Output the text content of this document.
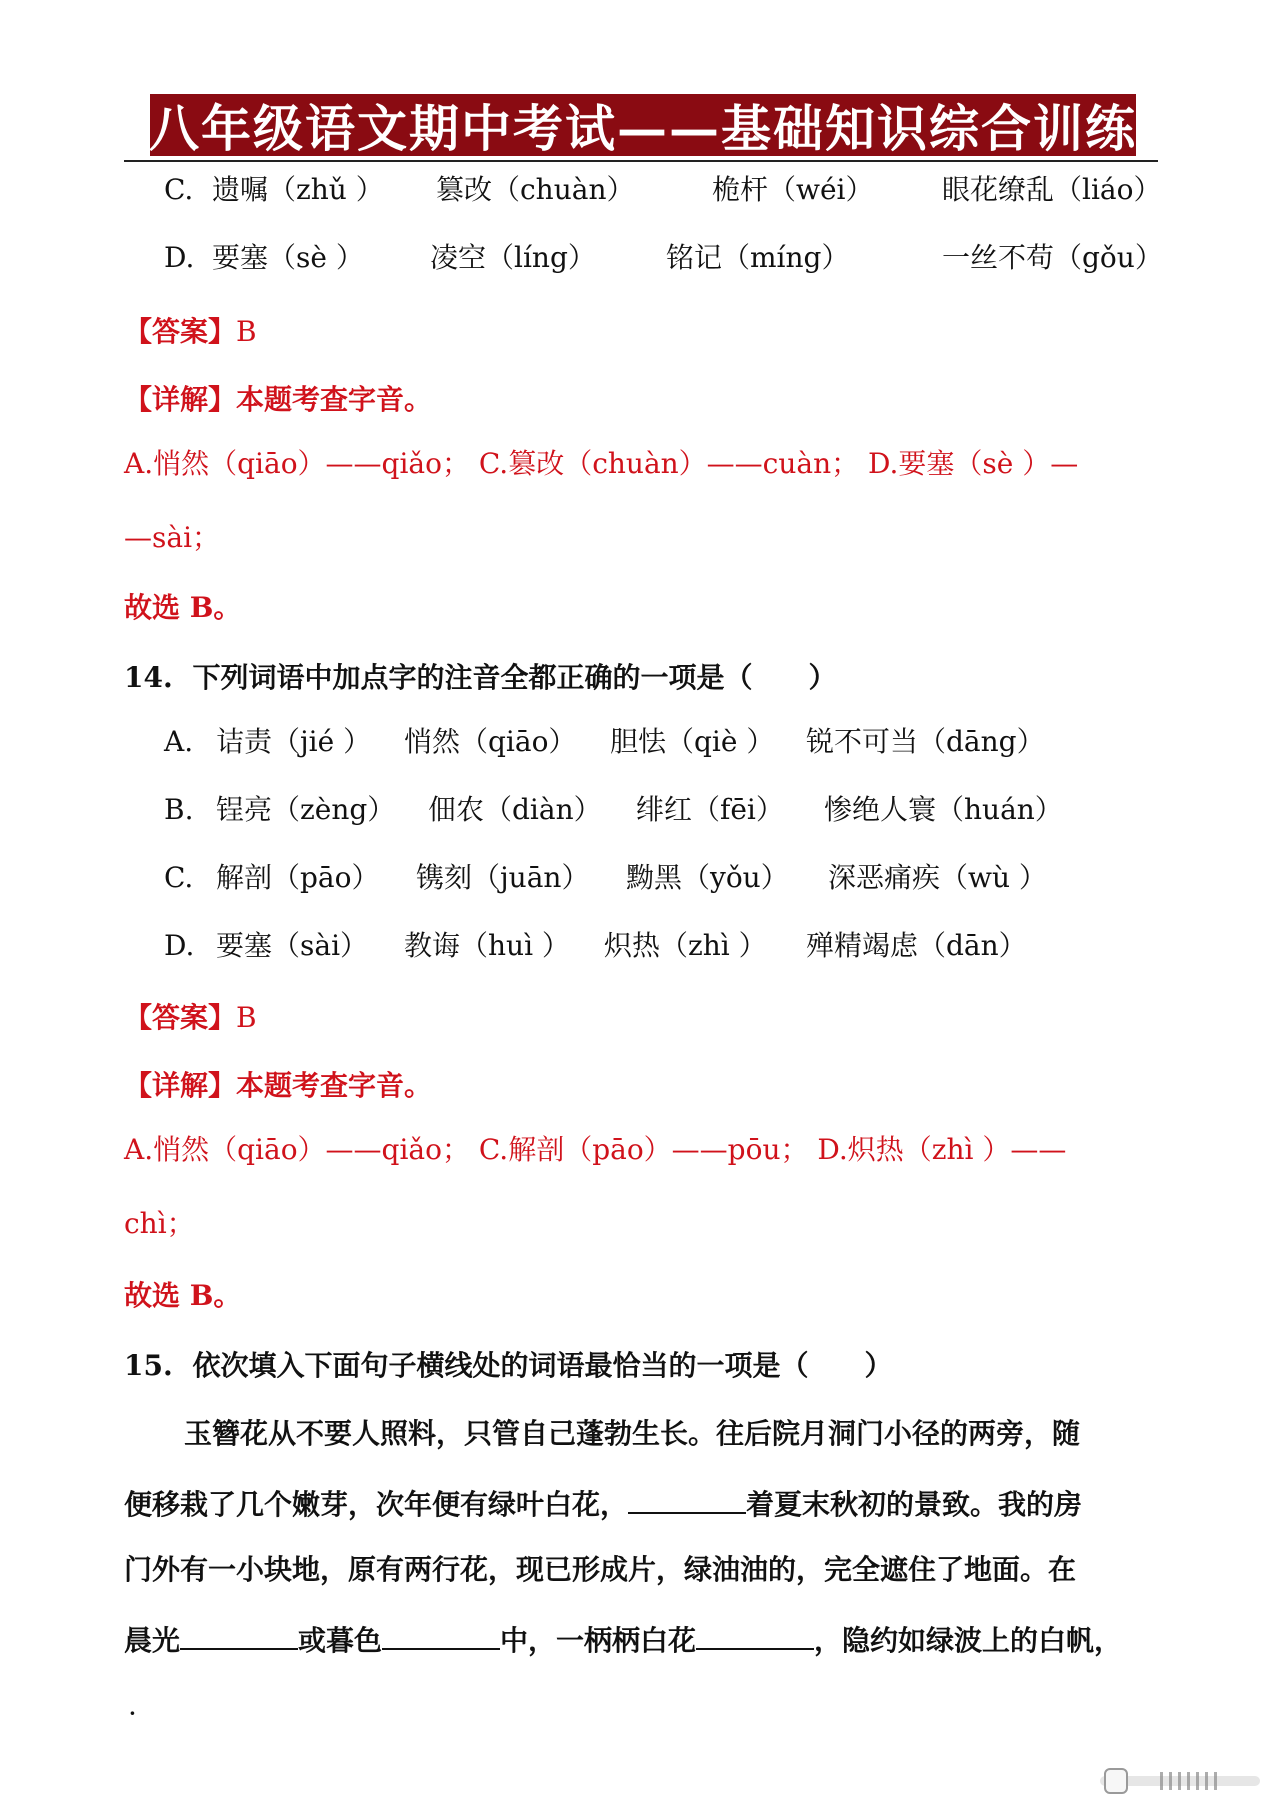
八年级语文期中考试——基础知识综合训练
C. 遗嘱（zhǔ ） 篡改（chuàn）	桅杆（wéi） 眼花缭乱（liáo）
D. 要塞（sè ） 凌空（líng）	铭记（míng）	一丝不苟（gǒu）
【答案】B
【详解】本题考查字音。
A.悄然（qiāo）——qiǎo； C.篡改（chuàn）——cuàn； D.要塞（sè ）—
—sài；
故选 B。
14. 下列词语中加点字的注音全都正确的一项是（　　）
A. 诘责（jié ） 悄然（qiāo） 胆怯（qiè ） 锐不可当（dāng）
B. 锃亮（zèng） 佃农（diàn） 绯红（fēi） 惨绝人寰（huán）
C. 解剖（pāo） 镌刻（juān） 黝黑（yǒu） 深恶痛疾（wù ）
D. 要塞（sài） 教诲（huì ） 炽热（zhì ） 殚精竭虑（dān）
【答案】B
【详解】本题考查字音。
A.悄然（qiāo）——qiǎo； C.解剖（pāo）——pōu； D.炽热（zhì ）——
chì；
故选 B。
15. 依次填入下面句子横线处的词语最恰当的一项是（　　）
玉簪花从不要人照料，只管自己蓬勃生长。往后院月洞门小径的两旁，随
便移栽了几个嫩芽，次年便有绿叶白花，	着夏末秋初的景致。我的房
门外有一小块地，原有两行花，现已形成片，绿油油的，完全遮住了地面。在
晨光	或暮色	中，一柄柄白花	，隐约如绿波上的白帆，
·
